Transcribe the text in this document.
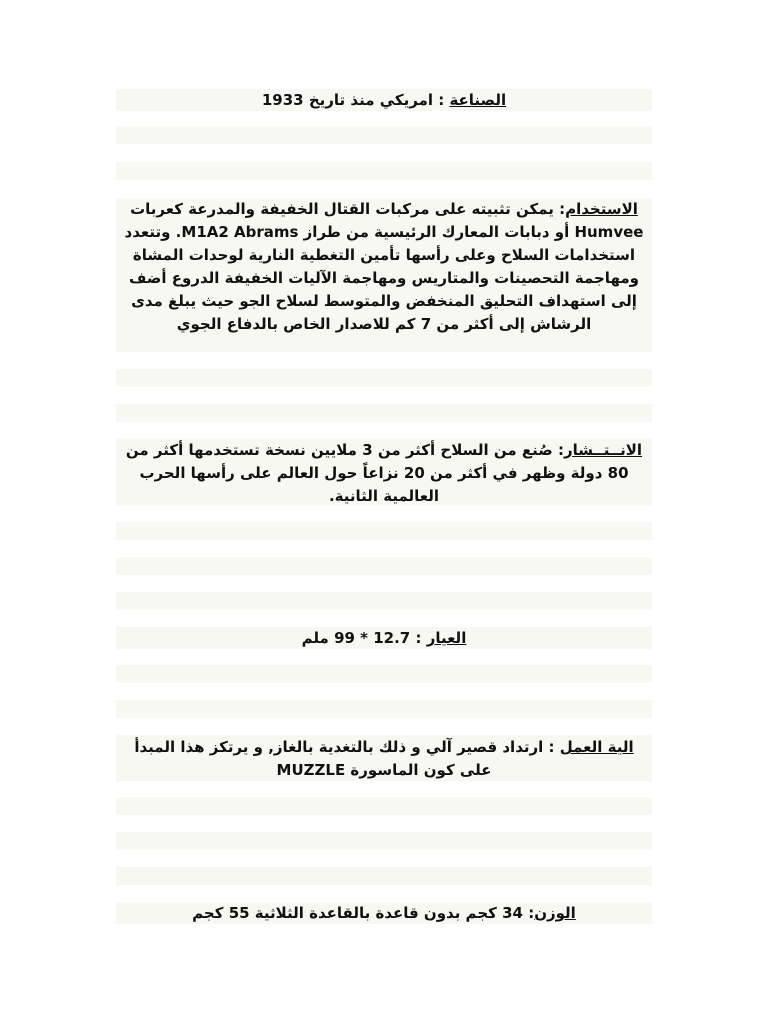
الصناعة : امريكي منذ تاريخ 1933

الاستخدام: يمكن تثبيته على مركبات القتال الخفيفة والمدرعة كعربات Humvee أو دبابات المعارك الرئيسية من طراز M1A2 Abrams. وتتعدد استخدامات السلاح وعلى رأسها تأمين التغطية النارية لوحدات المشاة ومهاجمة التحصينات والمتاريس ومهاجمة الآليات الخفيفة الدروع أضف إلى استهداف التحليق المنخفض والمتوسط لسلاح الجو حيث يبلغ مدى الرشاش إلى أكثر من 7 كم للاصدار الخاص بالدفاع الجوي

الانــتــشار: صُنع من السلاح أكثر من 3 ملايين نسخة تستخدمها أكثر من 80 دولة وظهر في أكثر من 20 نزاعاً حول العالم على رأسها الحرب العالمية الثانية.

العيار : 12.7 * 99 ملم

الية العمل : ارتداد قصير آلي و ذلك بالتغدية بالغاز, و يرتكز هذا المبدأ على كون الماسورة MUZZLE

الوزن: 34 كجم بدون قاعدة بالقاعدة الثلاثية 55 كجم
